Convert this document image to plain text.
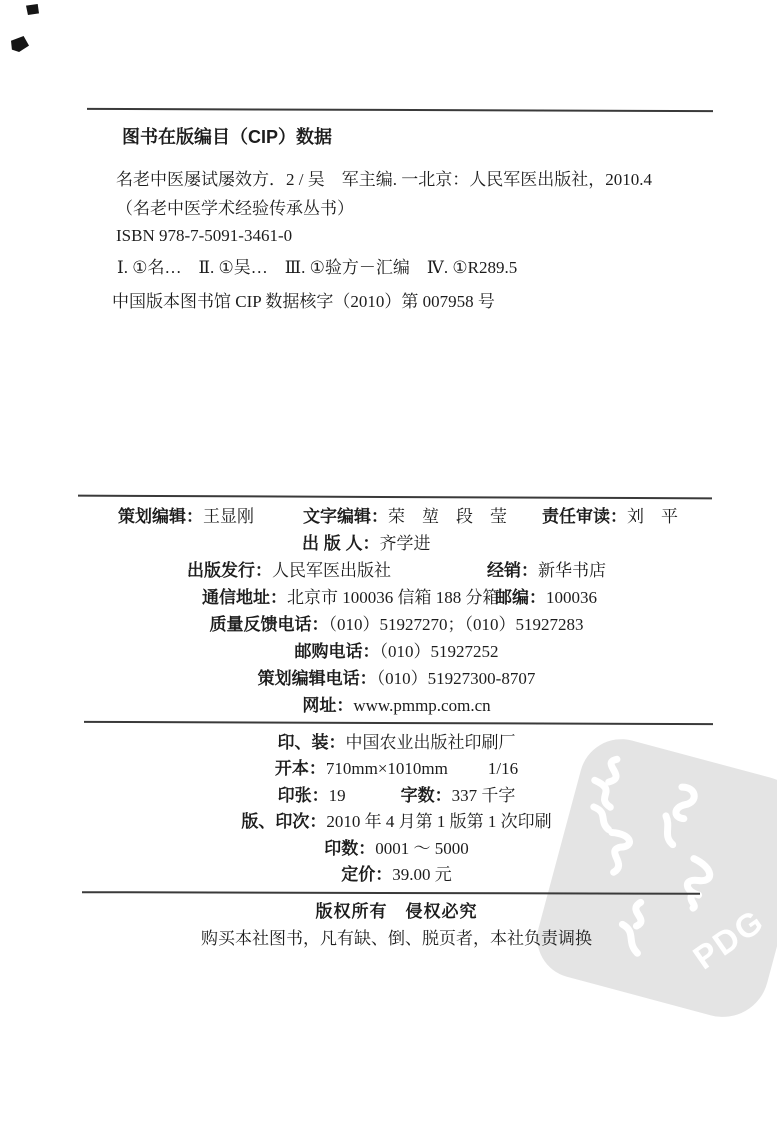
PDG
图书在版编目（CIP）数据
名老中医屡试屡效方．2 / 吴　军主编. 一北京：人民军医出版社，2010.4
（名老中医学术经验传承丛书）
ISBN 978-7-5091-3461-0
Ⅰ. ①名…　Ⅱ. ①吴…　Ⅲ. ①验方－汇编　Ⅳ. ①R289.5
中国版本图书馆 CIP 数据核字（2010）第 007958 号
策划编辑：王显刚	文字编辑：荣　堃　段　莹 责任审读：刘　平
出 版 人：齐学进
出版发行：人民军医出版社	经销：新华书店
通信地址：北京市 100036 信箱 188 分箱
邮编：100036
质量反馈电话：（010）51927270；（010）51927283
邮购电话：（010）51927252
策划编辑电话：（010）51927300-8707
网址：www.pmmp.com.cn
印、装：中国农业出版社印刷厂
开本：710mm×1010mm 1/16
印张：19	字数：337 千字
版、印次：2010 年 4 月第 1 版第 1 次印刷
印数：0001 ～ 5000
定价：39.00 元
版权所有　侵权必究
购买本社图书，凡有缺、倒、脱页者，本社负责调换
